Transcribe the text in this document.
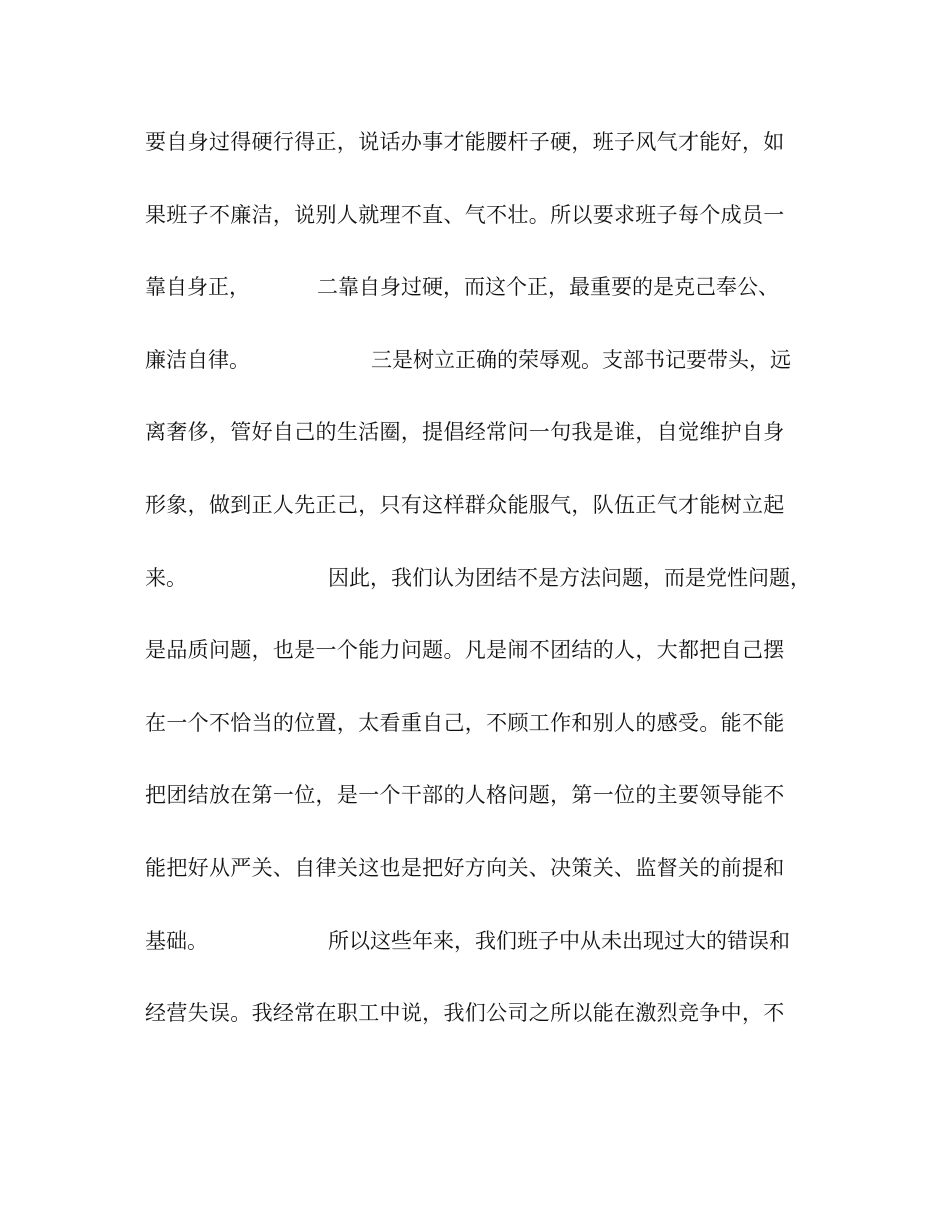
要自身过得硬行得正，说话办事才能腰杆子硬，班子风气才能好，如
果班子不廉洁，说别人就理不直、气不壮。所以要求班子每个成员一
靠自身正，	二靠自身过硬，而这个正，最重要的是克己奉公、
廉洁自律。	三是树立正确的荣辱观。支部书记要带头，远
离奢侈，管好自己的生活圈，提倡经常问一句我是谁，自觉维护自身
形象，做到正人先正己，只有这样群众能服气，队伍正气才能树立起
来。	因此，我们认为团结不是方法问题，而是党性问题，
是品质问题，也是一个能力问题。凡是闹不团结的人，大都把自己摆
在一个不恰当的位置，太看重自己，不顾工作和别人的感受。能不能
把团结放在第一位，是一个干部的人格问题，第一位的主要领导能不
能把好从严关、自律关这也是把好方向关、决策关、监督关的前提和
基础。	所以这些年来，我们班子中从未出现过大的错误和
经营失误。我经常在职工中说，我们公司之所以能在激烈竞争中，不
